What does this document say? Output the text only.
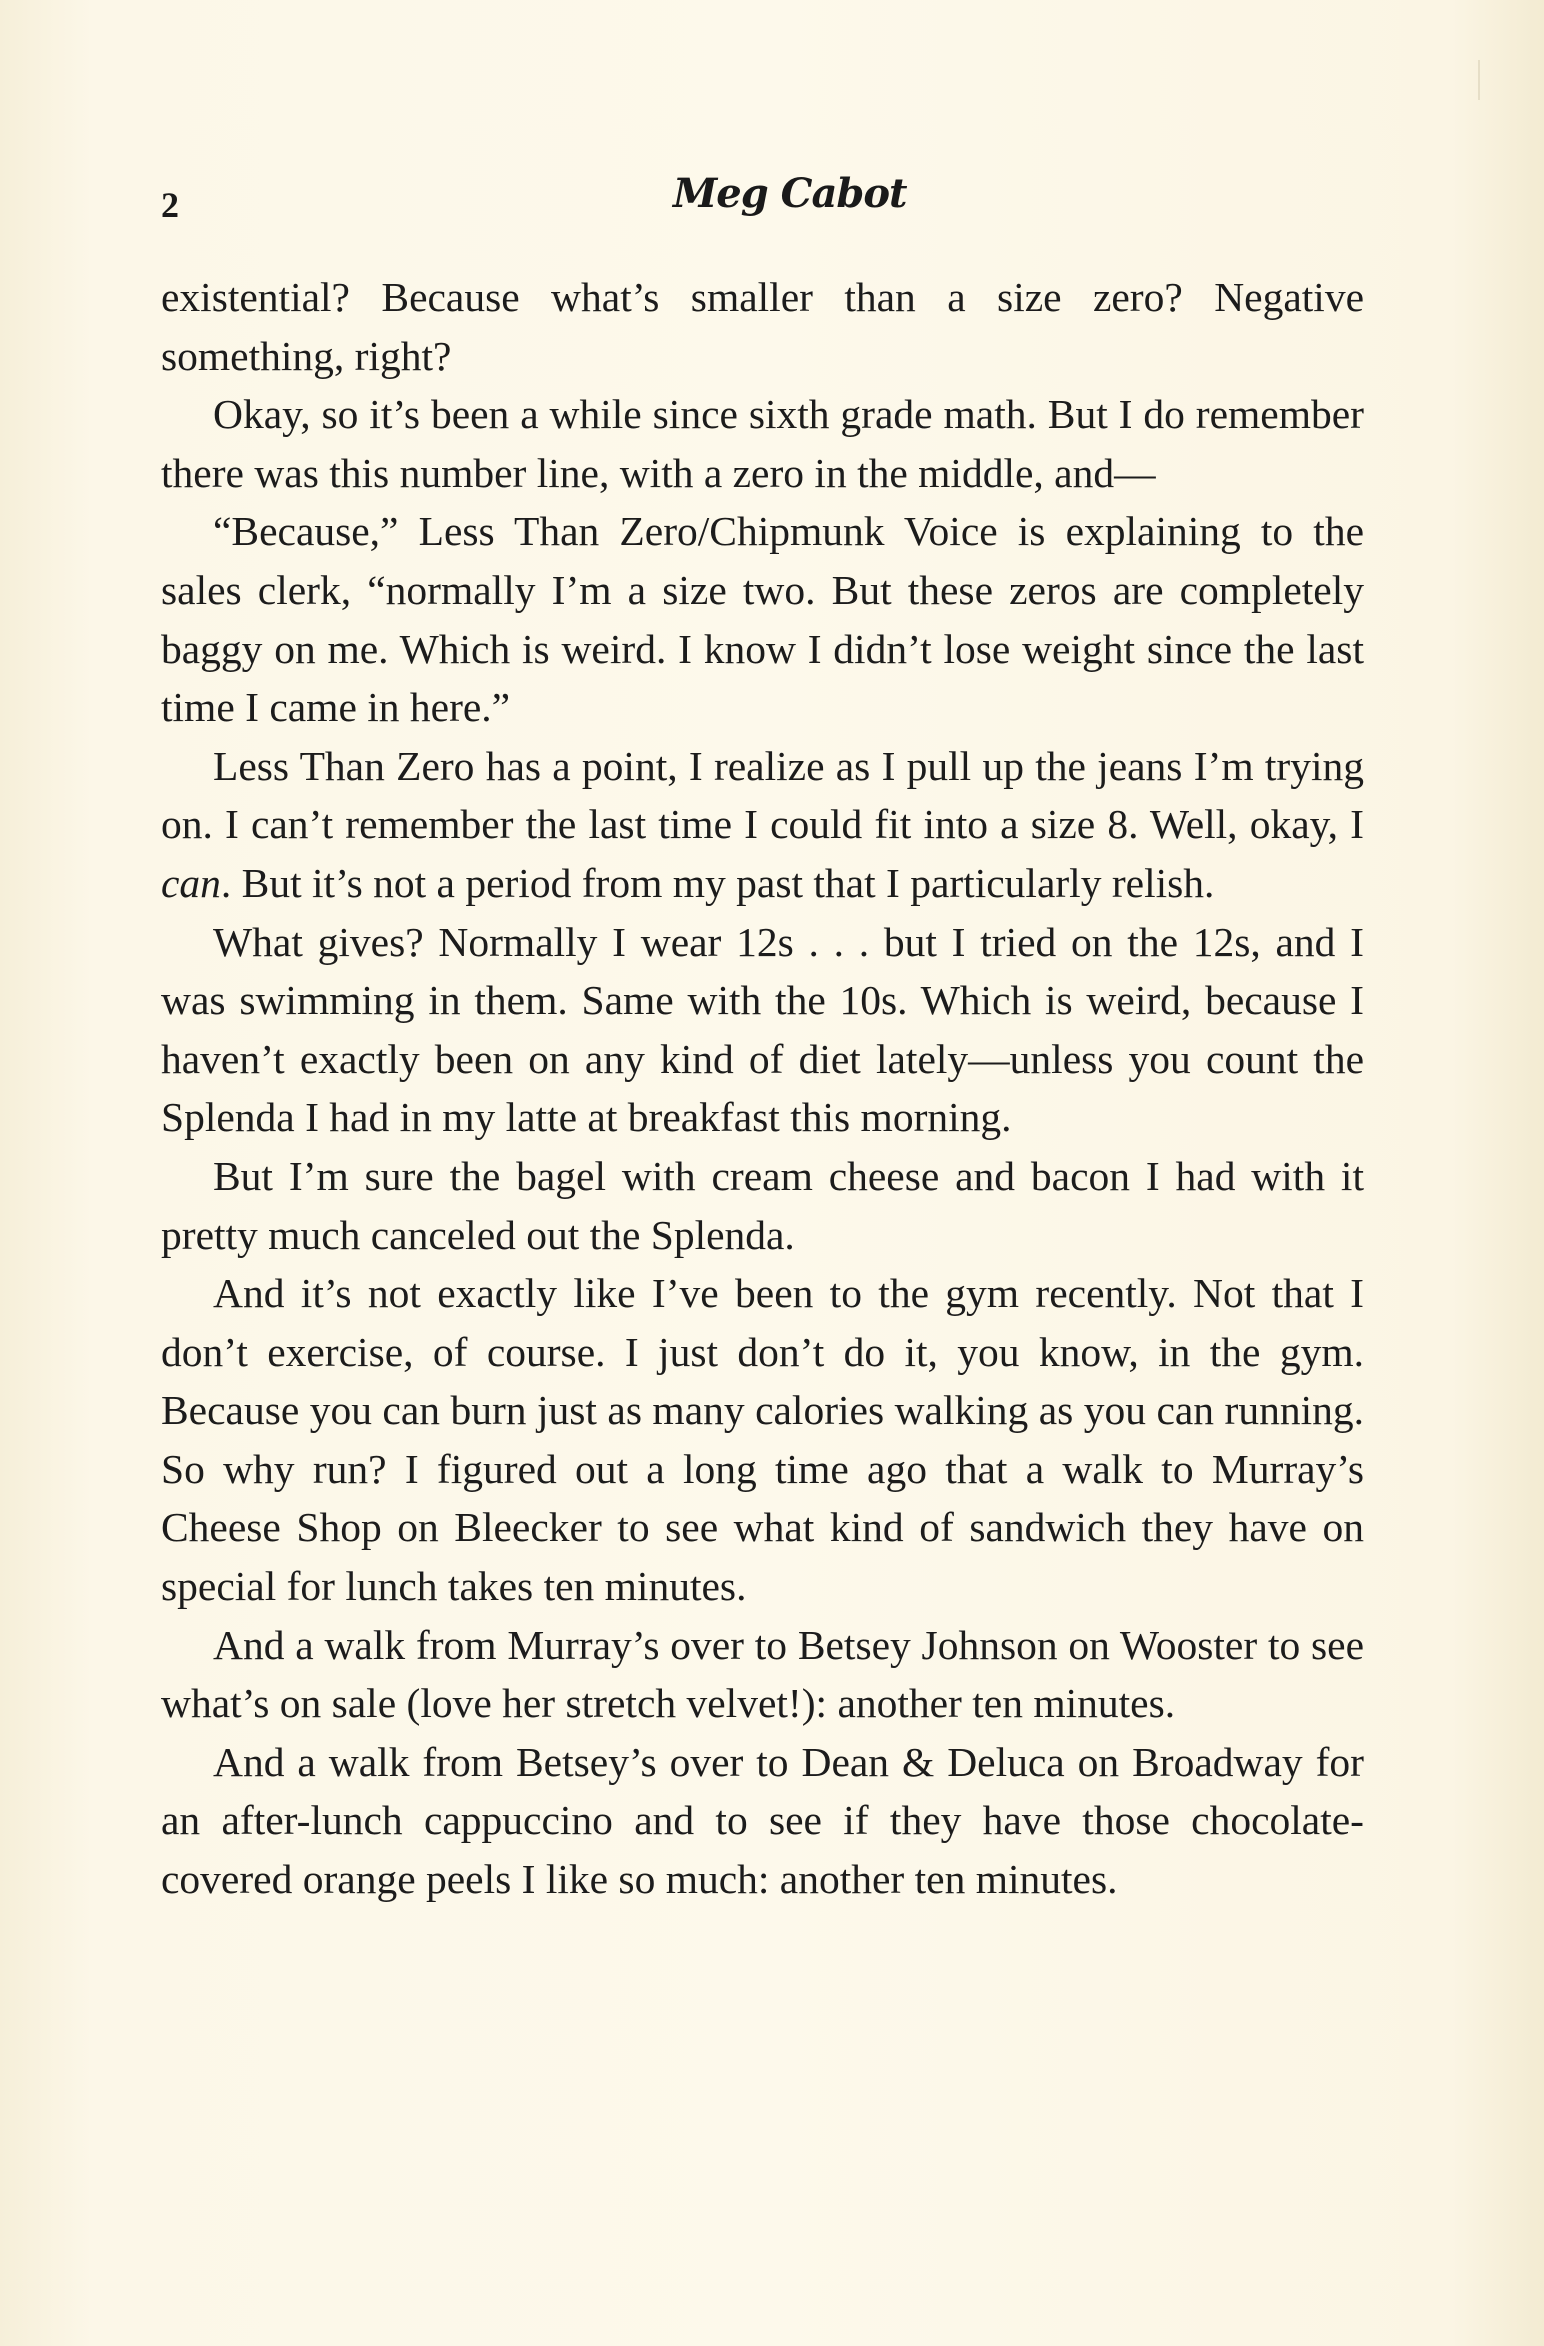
2	Meg Cabot

existential? Because what’s smaller than a size zero? Negative something, right?

Okay, so it’s been a while since sixth grade math. But I do remember there was this number line, with a zero in the middle, and—

“Because,” Less Than Zero/Chipmunk Voice is explaining to the sales clerk, “normally I’m a size two. But these zeros are completely baggy on me. Which is weird. I know I didn’t lose weight since the last time I came in here.”

Less Than Zero has a point, I realize as I pull up the jeans I’m trying on. I can’t remember the last time I could fit into a size 8. Well, okay, I can. But it’s not a period from my past that I particularly relish.

What gives? Normally I wear 12s . . . but I tried on the 12s, and I was swimming in them. Same with the 10s. Which is weird, because I haven’t exactly been on any kind of diet lately—unless you count the Splenda I had in my latte at breakfast this morning.

But I’m sure the bagel with cream cheese and bacon I had with it pretty much canceled out the Splenda.

And it’s not exactly like I’ve been to the gym recently. Not that I don’t exercise, of course. I just don’t do it, you know, in the gym. Because you can burn just as many calories walking as you can running. So why run? I figured out a long time ago that a walk to Murray’s Cheese Shop on Bleecker to see what kind of sandwich they have on special for lunch takes ten minutes.

And a walk from Murray’s over to Betsey Johnson on Wooster to see what’s on sale (love her stretch velvet!): another ten minutes.

And a walk from Betsey’s over to Dean & Deluca on Broadway for an after-lunch cappuccino and to see if they have those chocolate-covered orange peels I like so much: another ten minutes.
